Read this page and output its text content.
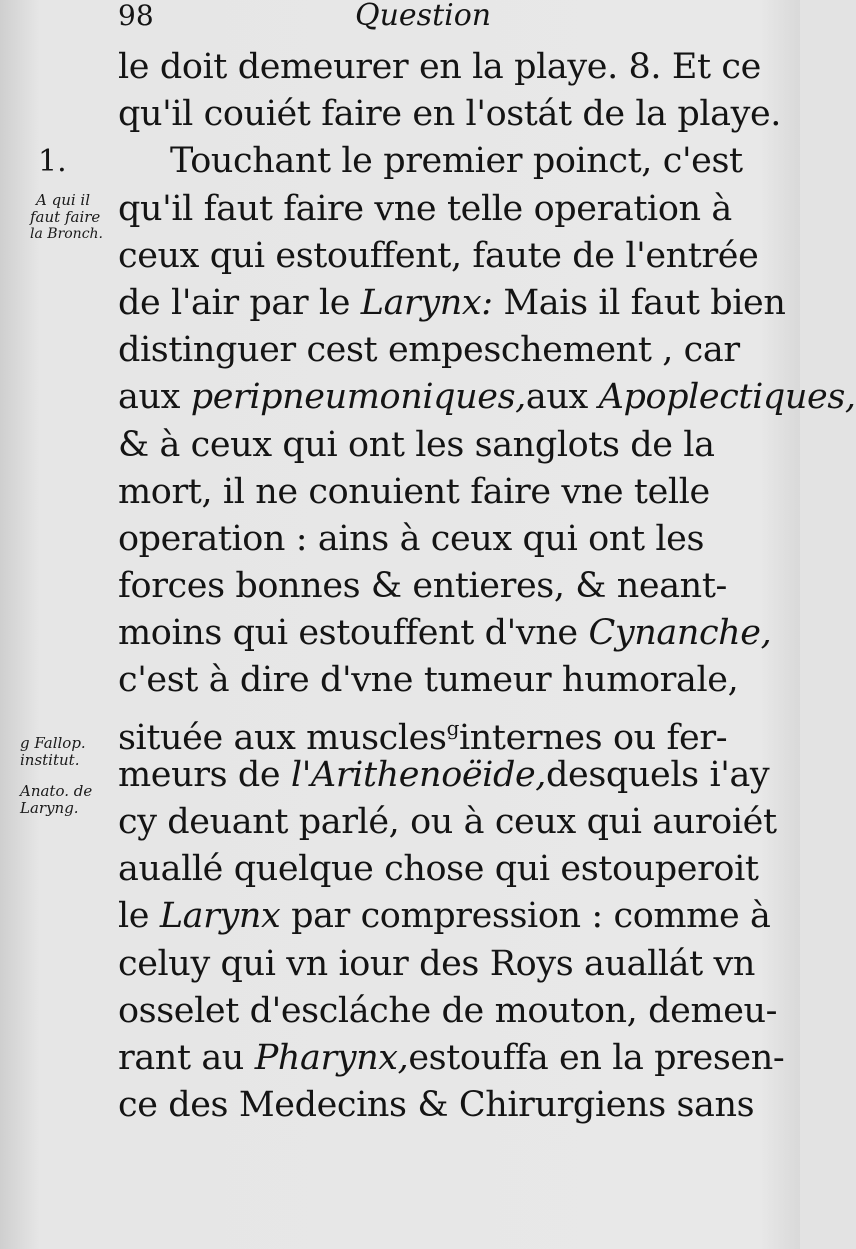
98	Question
1.
A qui il
faut faire
la Bronch.
g Fallop.
institut.
Anato. de
Laryng.
le doit demeurer en la playe. 8. Et ce
qu'il couiét faire en l'ostát de la playe.
Touchant le premier poinct, c'est
qu'il faut faire vne telle operation à
ceux qui estouffent, faute de l'entrée
de l'air par le Larynx: Mais il faut bien
distinguer cest empeschement , car
aux peripneumoniques,aux Apoplectiques,
& à ceux qui ont les sanglots de la
mort, il ne conuient faire vne telle
operation : ains à ceux qui ont les
forces bonnes & entieres, & neant-
moins qui estouffent d'vne Cynanche,
c'est à dire d'vne tumeur humorale,
située aux muscles$^g$internes ou fer-
meurs de l'Arithenoëide,desquels i'ay
cy deuant parlé, ou à ceux qui auroiét
auallé quelque chose qui estouperoit
le Larynx par compression : comme à
celuy qui vn iour des Roys auallát vn
osselet d'escláche de mouton, demeu-
rant au Pharynx,estouffa en la presen-
ce des Medecins & Chirurgiens sans
